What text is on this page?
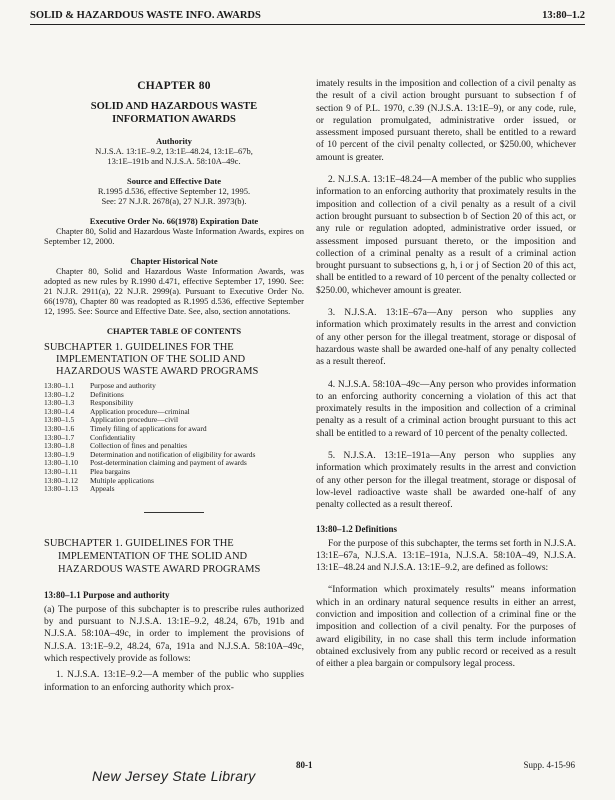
SOLID & HAZARDOUS WASTE INFO. AWARDS	13:80–1.2

CHAPTER 80

SOLID AND HAZARDOUS WASTE
INFORMATION AWARDS

Authority

N.J.S.A. 13:1E–9.2, 13:1E–48.24, 13:1E–67b,
13:1E–191b and N.J.S.A. 58:10A–49c.

Source and Effective Date

R.1995 d.536, effective September 12, 1995.
See: 27 N.J.R. 2678(a), 27 N.J.R. 3973(b).

Executive Order No. 66(1978) Expiration Date

Chapter 80, Solid and Hazardous Waste Information Awards, expires on September 12, 2000.

Chapter Historical Note

Chapter 80, Solid and Hazardous Waste Information Awards, was adopted as new rules by R.1990 d.471, effective September 17, 1990. See: 21 N.J.R. 2911(a), 22 N.J.R. 2999(a). Pursuant to Executive Order No. 66(1978), Chapter 80 was readopted as R.1995 d.536, effective September 12, 1995. See: Source and Effective Date. See, also, section annotations.

CHAPTER TABLE OF CONTENTS

SUBCHAPTER 1. GUIDELINES FOR THE
IMPLEMENTATION OF THE SOLID AND
HAZARDOUS WASTE AWARD PROGRAMS
13:80–1.1	Purpose and authority
13:80–1.2	Definitions
13:80–1.3	Responsibility
13:80–1.4	Application procedure—criminal
13:80–1.5	Application procedure—civil
13:80–1.6	Timely filing of applications for award
13:80–1.7	Confidentiality
13:80–1.8	Collection of fines and penalties
13:80–1.9	Determination and notification of eligibility for awards
13:80–1.10	Post-determination claiming and payment of awards
13:80–1.11	Plea bargains
13:80–1.12	Multiple applications
13:80–1.13	Appeals
SUBCHAPTER 1. GUIDELINES FOR THE
IMPLEMENTATION OF THE SOLID AND
HAZARDOUS WASTE AWARD PROGRAMS

13:80–1.1 Purpose and authority

(a) The purpose of this subchapter is to prescribe rules authorized by and pursuant to N.J.S.A. 13:1E–9.2, 48.24, 67b, 191b and N.J.S.A. 58:10A–49c, in order to implement the provisions of N.J.S.A. 13:1E–9.2, 48.24, 67a, 191a and N.J.S.A. 58:10A–49c, which respectively provide as follows:

1. N.J.S.A. 13:1E–9.2—A member of the public who supplies information to an enforcing authority which prox-

imately results in the imposition and collection of a civil penalty as the result of a civil action brought pursuant to subsection f of section 9 of P.L. 1970, c.39 (N.J.S.A. 13:1E–9), or any code, rule, or regulation promulgated, administrative order issued, or assessment imposed pursuant thereto, shall be entitled to a reward of 10 percent of the civil penalty collected, or $250.00, whichever amount is greater.

2. N.J.S.A. 13:1E–48.24—A member of the public who supplies information to an enforcing authority that proximately results in the imposition and collection of a civil penalty as a result of a civil action brought pursuant to subsection b of Section 20 of this act, or any rule or regulation adopted, administrative order issued, or assessment imposed pursuant thereto, or the imposition and collection of a criminal penalty as a result of a criminal action brought pursuant to subsections g, h, i or j of Section 20 of this act, shall be entitled to a reward of 10 percent of the penalty collected or $250.00, whichever amount is greater.

3. N.J.S.A. 13:1E–67a—Any person who supplies any information which proximately results in the arrest and conviction of any other person for the illegal treatment, storage or disposal of hazardous waste shall be awarded one-half of any penalty collected as a result thereof.

4. N.J.S.A. 58:10A–49c—Any person who provides information to an enforcing authority concerning a violation of this act that proximately results in the imposition and collection of a criminal penalty as a result of a criminal action brought pursuant to this act shall be entitled to a reward of 10 percent of the penalty collected.

5. N.J.S.A. 13:1E–191a—Any person who supplies any information which proximately results in the arrest and conviction of any other person for the illegal treatment, storage or disposal of low-level radioactive waste shall be awarded one-half of any penalty collected as a result thereof.

13:80–1.2 Definitions

For the purpose of this subchapter, the terms set forth in N.J.S.A. 13:1E–67a, N.J.S.A. 13:1E–191a, N.J.S.A. 58:10A–49, N.J.S.A. 13:1E–48.24 and N.J.S.A. 13:1E–9.2, are defined as follows:

“Information which proximately results” means information which in an ordinary natural sequence results in either an arrest, conviction and imposition and collection of a criminal fine or the imposition and collection of a civil penalty. For the purposes of award eligibility, in no case shall this term include information obtained exclusively from any public record or received as a result of either a plea bargain or compulsory legal process.

New Jersey State Library
80-1	Supp. 4-15-96
